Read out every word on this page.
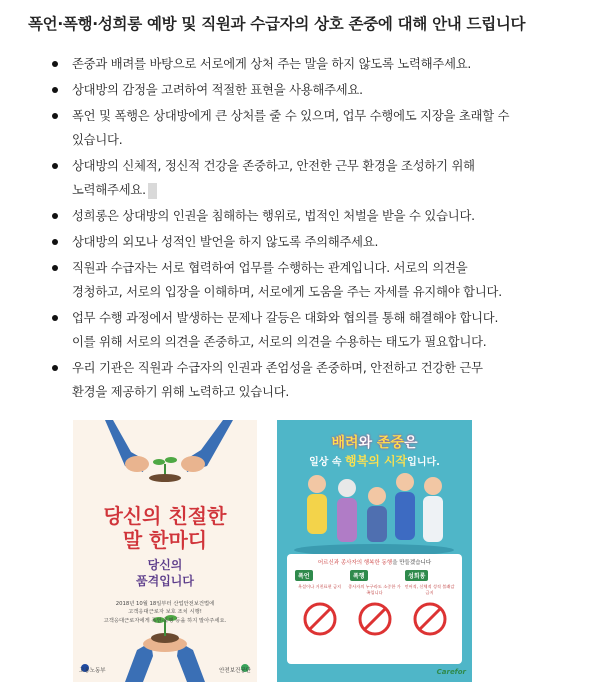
폭언·폭행·성희롱 예방 및 직원과 수급자의 상호 존중에 대해 안내 드립니다
존중과 배려를 바탕으로 서로에게 상처 주는 말을 하지 않도록 노력해주세요.
상대방의 감정을 고려하여 적절한 표현을 사용해주세요.
폭언 및 폭행은 상대방에게 큰 상처를 줄 수 있으며, 업무 수행에도 지장을 초래할 수
있습니다.
상대방의 신체적, 정신적 건강을 존중하고, 안전한 근무 환경을 조성하기 위해
노력해주세요.
성희롱은 상대방의 인권을 침해하는 행위로, 법적인 처벌을 받을 수 있습니다.
상대방의 외모나 성적인 발언을 하지 않도록 주의해주세요.
직원과 수급자는 서로 협력하여 업무를 수행하는 관계입니다. 서로의 의견을
경청하고, 서로의 입장을 이해하며, 서로에게 도움을 주는 자세를 유지해야 합니다.
업무 수행 과정에서 발생하는 문제나 갈등은 대화와 협의를 통해 해결해야 합니다.
이를 위해 서로의 의견을 존중하고, 서로의 의견을 수용하는 태도가 필요합니다.
우리 기관은 직원과 수급자의 인권과 존엄성을 존중하며, 안전하고 건강한 근무
환경을 제공하기 위해 노력하고 있습니다.
당신의 친절한
말 한마디
당신의
품격입니다
2018년 10월 18일부터 산업안전보건법에
고객응대근로자 보호 조치 시행!
고객응대근로자에게 폭언·폭행 등을 하지 말아주세요.
고용노동부	안전보건공단
배려와 존중은
일상 속 행복의 시작입니다.
어르신과 종사자의 행복한 동행을 만들겠습니다
폭언
욕설이나 거친표현 금지
폭행
종사자의 누구라도 소중한 가족입니다
성희롱
언어적, 신체적 성적 불쾌감 금지
Carefor
